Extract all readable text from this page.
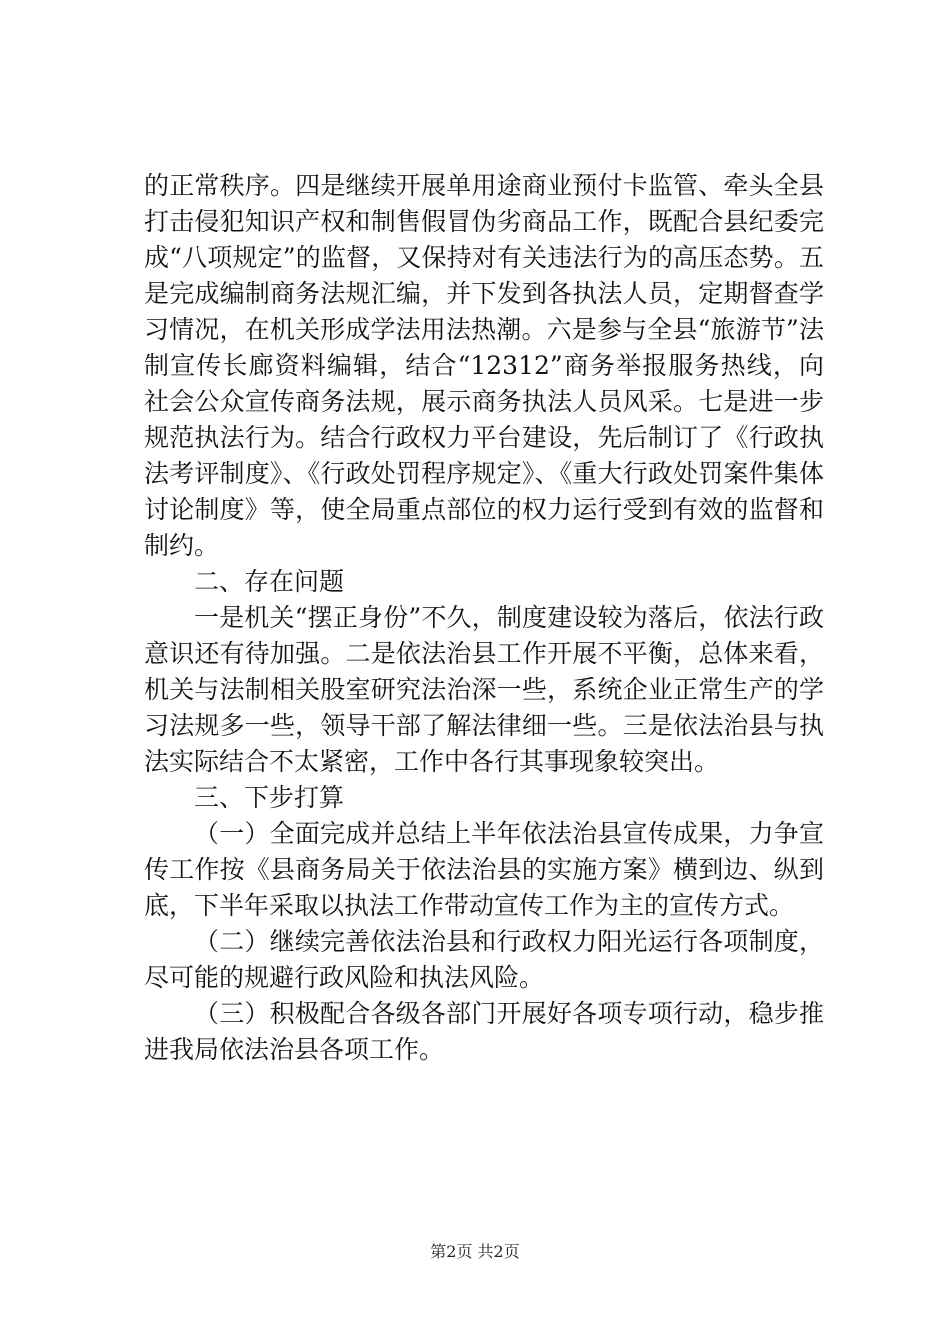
的正常秩序。四是继续开展单用途商业预付卡监管、牵头全县打击侵犯知识产权和制售假冒伪劣商品工作，既配合县纪委完成“八项规定”的监督，又保持对有关违法行为的高压态势。五是完成编制商务法规汇编，并下发到各执法人员，定期督查学习情况，在机关形成学法用法热潮。六是参与全县“旅游节”法制宣传长廊资料编辑，结合“12312”商务举报服务热线，向社会公众宣传商务法规，展示商务执法人员风采。七是进一步规范执法行为。结合行政权力平台建设，先后制订了《行政执法考评制度》、《行政处罚程序规定》、《重大行政处罚案件集体讨论制度》等，使全局重点部位的权力运行受到有效的监督和制约。

二、存在问题

一是机关“摆正身份”不久，制度建设较为落后，依法行政意识还有待加强。二是依法治县工作开展不平衡，总体来看，机关与法制相关股室研究法治深一些，系统企业正常生产的学习法规多一些，领导干部了解法律细一些。三是依法治县与执法实际结合不太紧密，工作中各行其事现象较突出。

三、下步打算

（一）全面完成并总结上半年依法治县宣传成果，力争宣传工作按《县商务局关于依法治县的实施方案》横到边、纵到底，下半年采取以执法工作带动宣传工作为主的宣传方式。

（二）继续完善依法治县和行政权力阳光运行各项制度，尽可能的规避行政风险和执法风险。

（三）积极配合各级各部门开展好各项专项行动，稳步推进我局依法治县各项工作。

第2页 共2页
